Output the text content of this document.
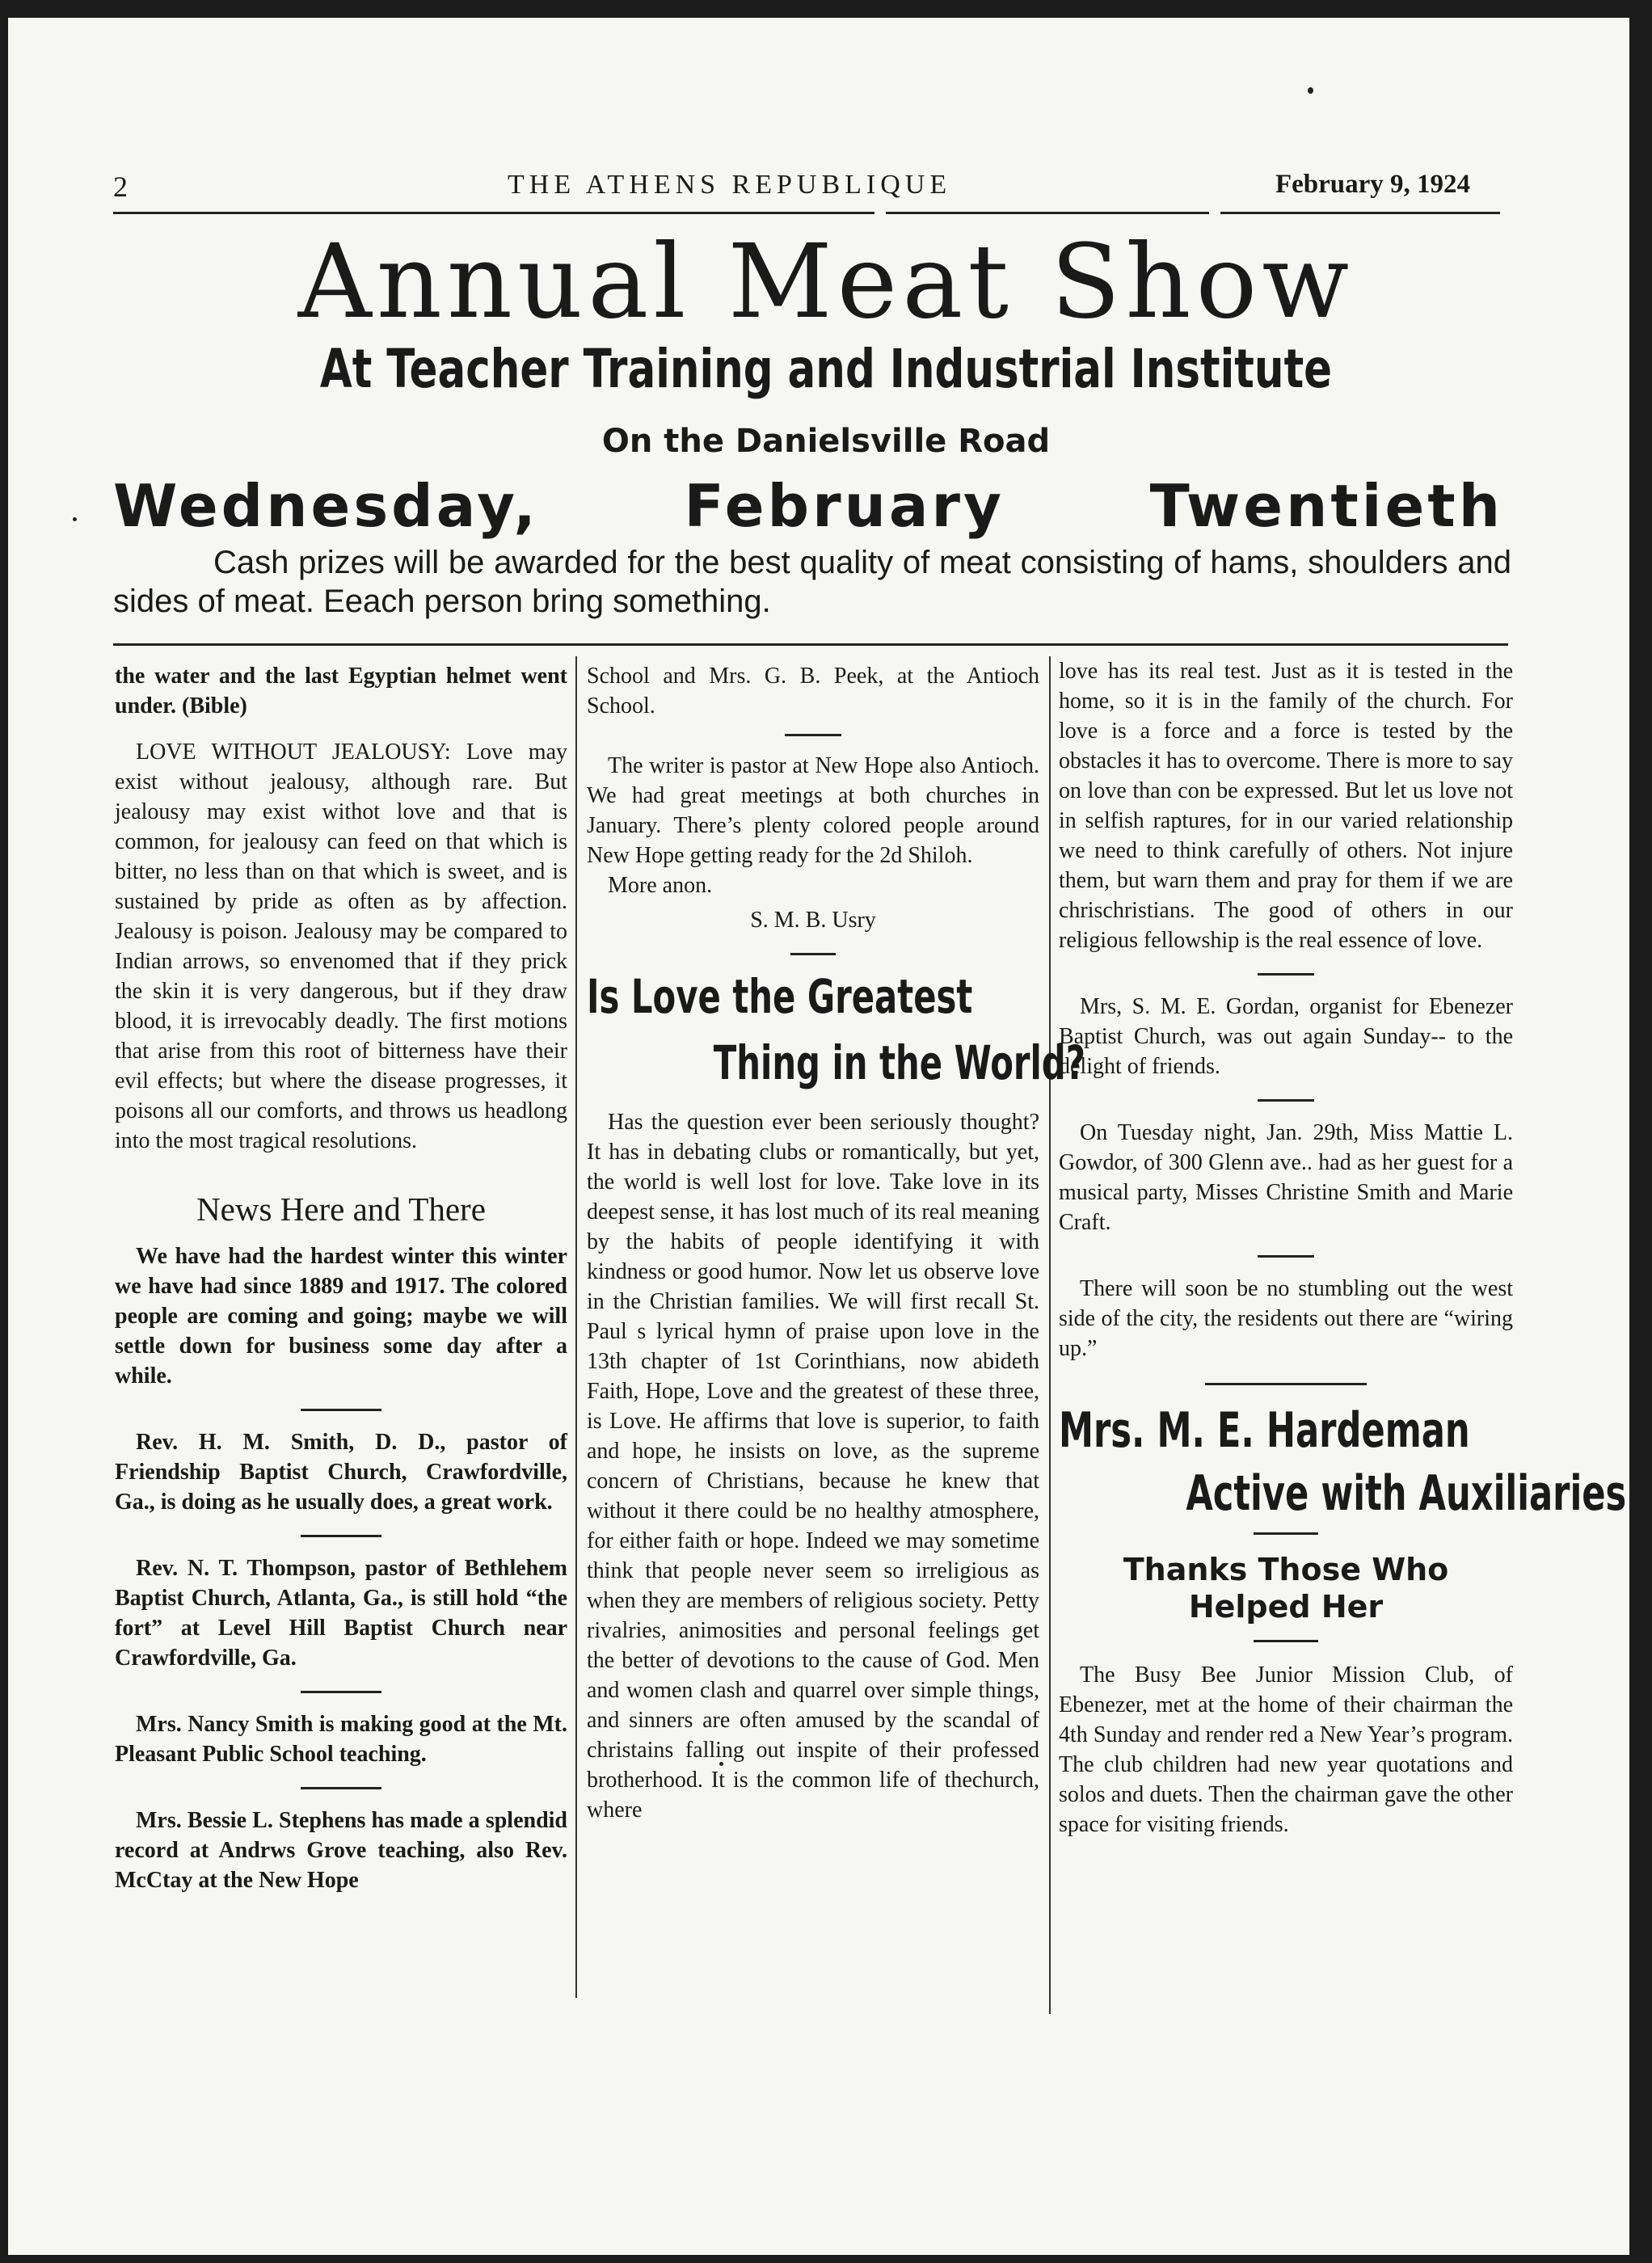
2	THE ATHENS REPUBLIQUE	February 9, 1924
Annual Meat Show
At Teacher Training and Industrial Institute
On the Danielsville Road
Wednesday, February Twentieth
Cash prizes will be awarded for the best quality of meat consisting of hams, shoulders and sides of meat. Eeach person bring something.

the water and the last Egyptian helmet went under. (Bible)

LOVE WITHOUT JEALOUSY: Love may exist without jealousy, although rare. But jealousy may exist withot love and that is common, for jealousy can feed on that which is bitter, no less than on that which is sweet, and is sustained by pride as often as by affection. Jealousy is poison. Jealousy may be compared to Indian arrows, so envenomed that if they prick the skin it is very dangerous, but if they draw blood, it is irrevocably deadly. The first motions that arise from this root of bitterness have their evil effects; but where the disease progresses, it poisons all our comforts, and throws us headlong into the most tragical resolutions.

News Here and There

We have had the hardest winter this winter we have had since 1889 and 1917. The colored people are coming and going; maybe we will settle down for business some day after a while.

Rev. H. M. Smith, D. D., pastor of Friendship Baptist Church, Crawfordville, Ga., is doing as he usually does, a great work.

Rev. N. T. Thompson, pastor of Bethlehem Baptist Church, Atlanta, Ga., is still hold “the fort” at Level Hill Baptist Church near Crawfordville, Ga.

Mrs. Nancy Smith is making good at the Mt. Pleasant Public School teaching.

Mrs. Bessie L. Stephens has made a splendid record at Andrws Grove teaching, also Rev. McCtay at the New Hope

School and Mrs. G. B. Peek, at the Antioch School.

The writer is pastor at New Hope also Antioch. We had great meetings at both churches in January. There’s plenty colored people around New Hope getting ready for the 2d Shiloh.

More anon.

S. M. B. Usry

Is Love the Greatest
Thing in the World?

Has the question ever been seriously thought? It has in debating clubs or romantically, but yet, the world is well lost for love. Take love in its deepest sense, it has lost much of its real meaning by the habits of people identifying it with kindness or good humor. Now let us observe love in the Christian families. We will first recall St. Paul s lyrical hymn of praise upon love in the 13th chapter of 1st Corinthians, now abideth Faith, Hope, Love and the greatest of these three, is Love. He affirms that love is superior, to faith and hope, he insists on love, as the supreme concern of Christians, because he knew that without it there could be no healthy atmosphere, for either faith or hope. Indeed we may sometime think that people never seem so irreligious as when they are members of religious society. Petty rivalries, animosities and personal feelings get the better of devotions to the cause of God. Men and women clash and quarrel over simple things, and sinners are often amused by the scandal of christains falling out inspite of their professed brotherhood. It is the common life of thechurch, where

love has its real test. Just as it is tested in the home, so it is in the family of the church. For love is a force and a force is tested by the obstacles it has to overcome. There is more to say on love than con be expressed. But let us love not in selfish raptures, for in our varied relationship we need to think carefully of others. Not injure them, but warn them and pray for them if we are chrischristians. The good of others in our religious fellowship is the real essence of love.

Mrs, S. M. E. Gordan, organist for Ebenezer Baptist Church, was out again Sunday-- to the delight of friends.

On Tuesday night, Jan. 29th, Miss Mattie L. Gowdor, of 300 Glenn ave.. had as her guest for a musical party, Misses Christine Smith and Marie Craft.

There will soon be no stumbling out the west side of the city, the residents out there are “wiring up.”

Mrs. M. E. Hardeman
Active with Auxiliaries
Thanks Those Who Helped Her

The Busy Bee Junior Mission Club, of Ebenezer, met at the home of their chairman the 4th Sunday and render red a New Year’s program. The club children had new year quotations and solos and duets. Then the chairman gave the other space for visiting friends.
